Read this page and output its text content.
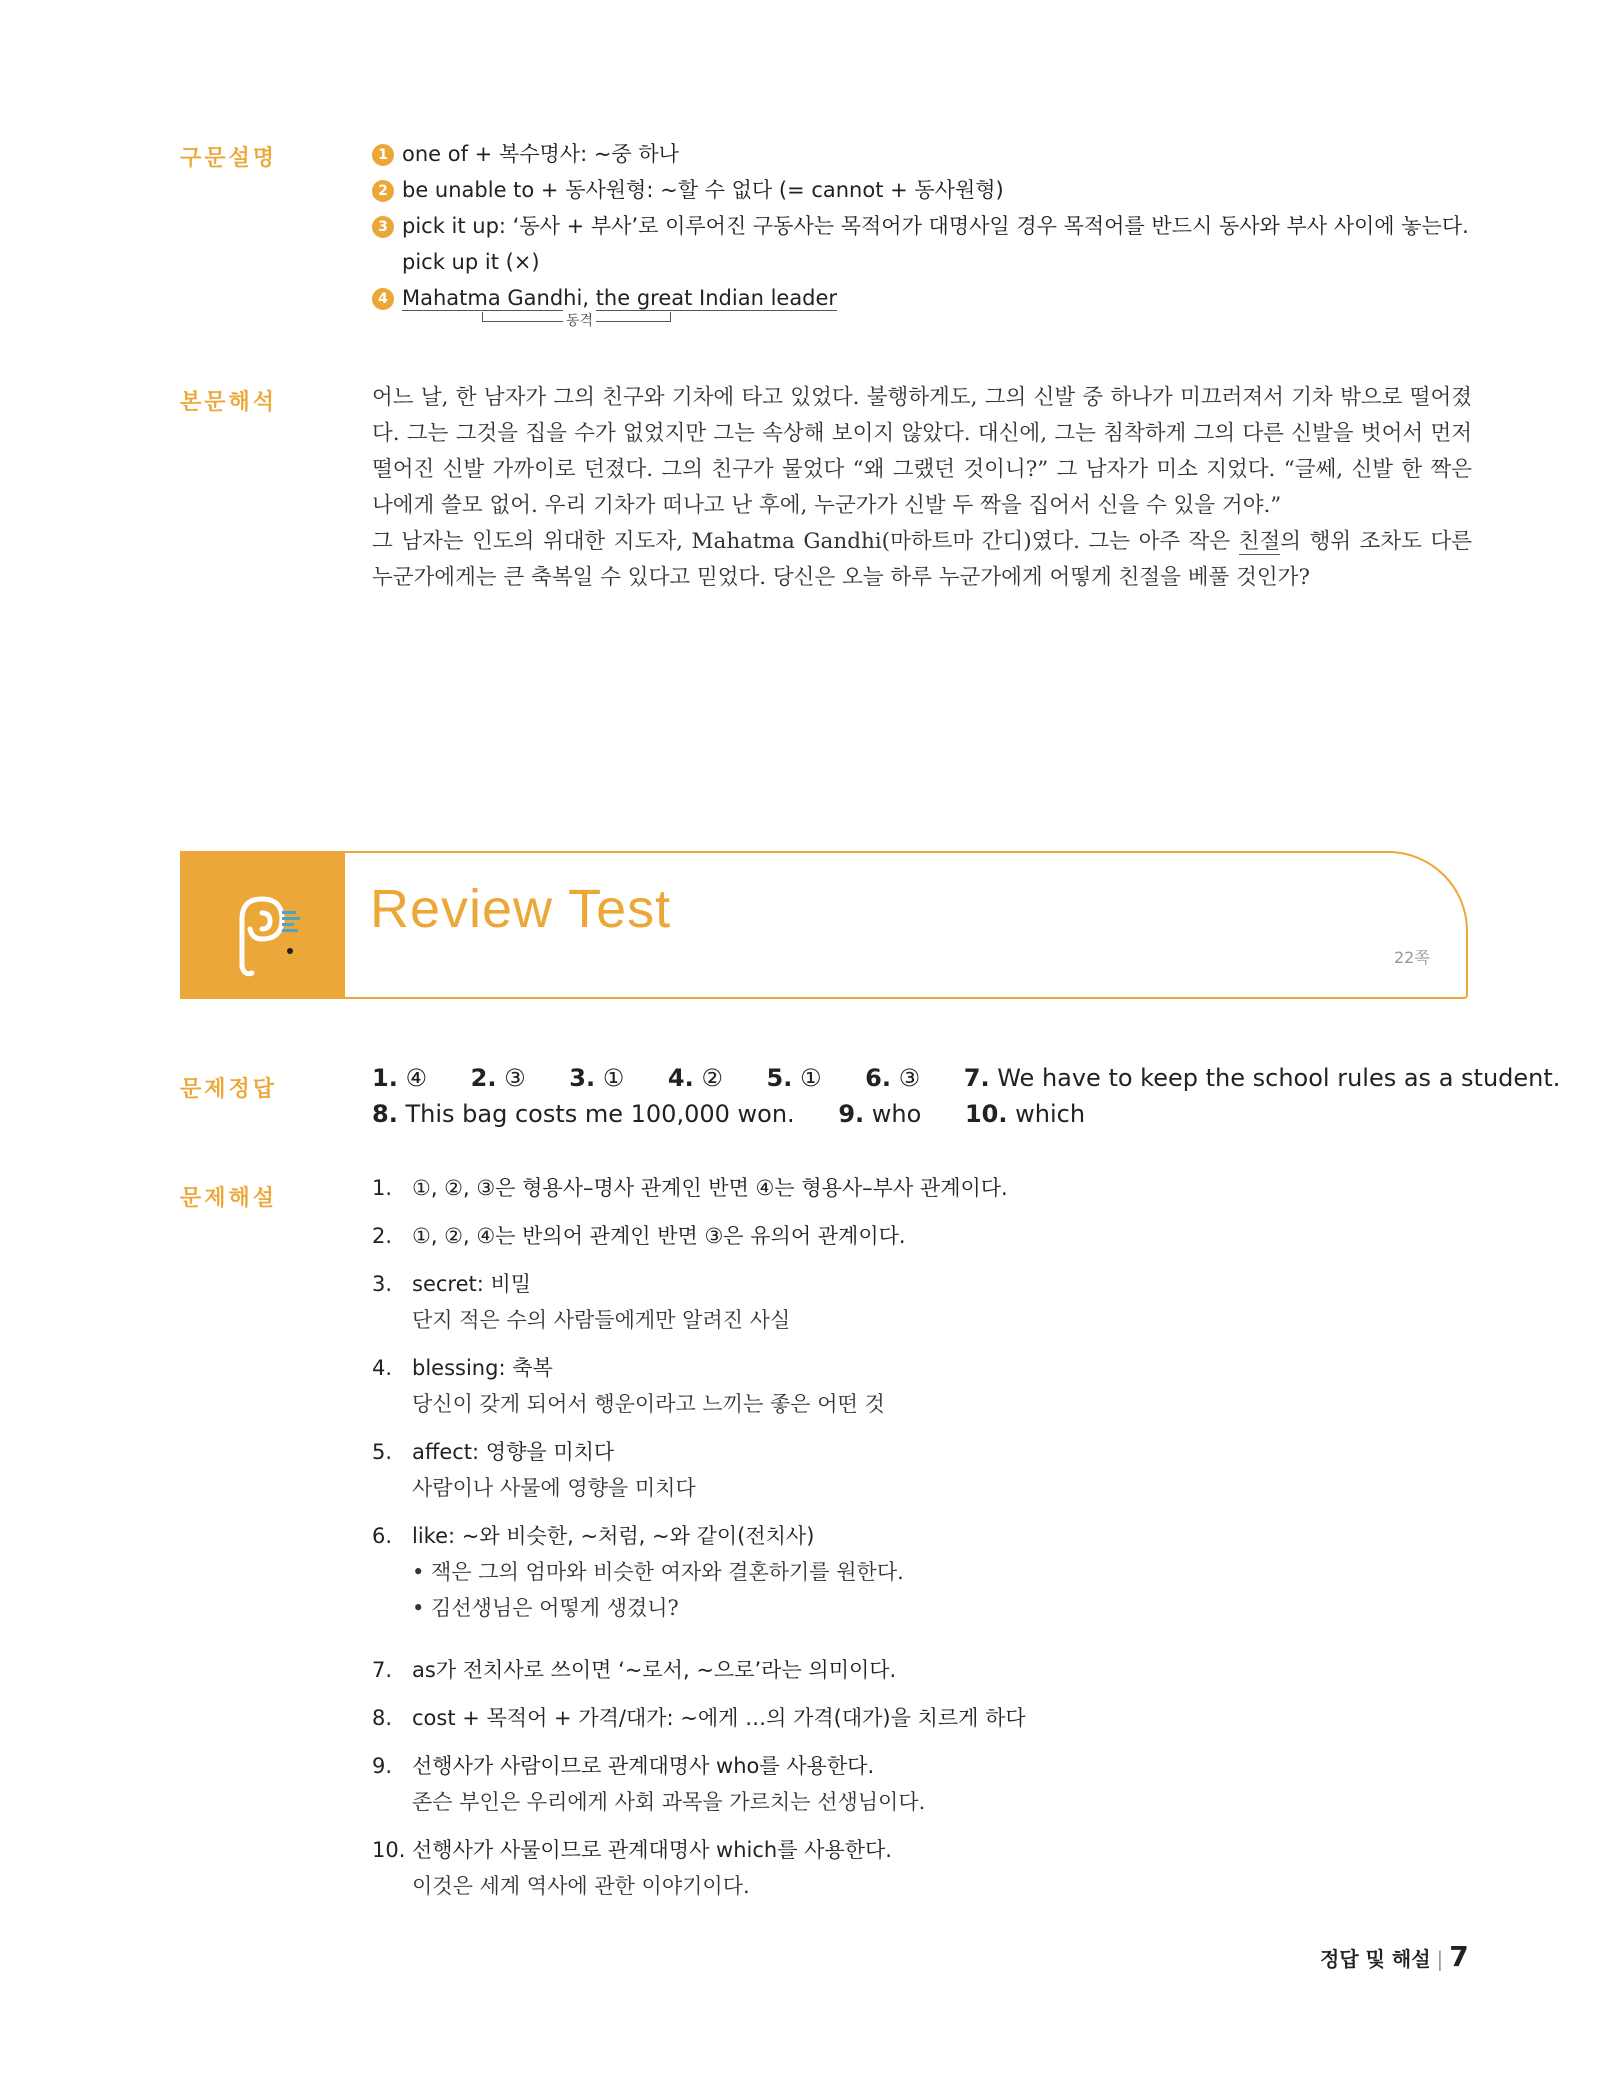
구문설명	1 one of + 복수명사: ~중 하나
2 be unable to + 동사원형: ~할 수 없다 (= cannot + 동사원형)
3 pick it up: ‘동사 + 부사’로 이루어진 구동사는 목적어가 대명사일 경우 목적어를 반드시 동사와 부사 사이에 놓는다.
pick up it (×)
4 Mahatma Gandhi, the great Indian leader
동격
본문해석	어느 날, 한 남자가 그의 친구와 기차에 타고 있었다. 불행하게도, 그의 신발 중 하나가 미끄러져서 기차 밖으로 떨어졌다. 그는 그것을 집을 수가 없었지만 그는 속상해 보이지 않았다. 대신에, 그는 침착하게 그의 다른 신발을 벗어서 먼저 떨어진 신발 가까이로 던졌다. 그의 친구가 물었다 “왜 그랬던 것이니?” 그 남자가 미소 지었다. “글쎄, 신발 한 짝은 나에게 쓸모 없어. 우리 기차가 떠나고 난 후에, 누군가가 신발 두 짝을 집어서 신을 수 있을 거야.”

그 남자는 인도의 위대한 지도자, Mahatma Gandhi(마하트마 간디)였다. 그는 아주 작은 친절의 행위 조차도 다른 누군가에게는 큰 축복일 수 있다고 믿었다. 당신은 오늘 하루 누군가에게 어떻게 친절을 베풀 것인가?

Review Test
22쪽
문제정답	1. ④ 2. ③ 3. ① 4. ② 5. ① 6. ③ 7. We have to keep the school rules as a student.
8. This bag costs me 100,000 won. 9. who 10. which
문제해설	1. ①, ②, ③은 형용사–명사 관계인 반면 ④는 형용사–부사 관계이다.
2. ①, ②, ④는 반의어 관계인 반면 ③은 유의어 관계이다.
3. secret: 비밀
단지 적은 수의 사람들에게만 알려진 사실
4. blessing: 축복
당신이 갖게 되어서 행운이라고 느끼는 좋은 어떤 것
5. affect: 영향을 미치다
사람이나 사물에 영향을 미치다
6. like: ~와 비슷한, ~처럼, ~와 같이(전치사)
• 잭은 그의 엄마와 비슷한 여자와 결혼하기를 원한다.
• 김선생님은 어떻게 생겼니?
7. as가 전치사로 쓰이면 ‘~로서, ~으로’라는 의미이다.
8. cost + 목적어 + 가격/대가: ~에게 …의 가격(대가)을 치르게 하다
9. 선행사가 사람이므로 관계대명사 who를 사용한다.
존슨 부인은 우리에게 사회 과목을 가르치는 선생님이다.
10. 선행사가 사물이므로 관계대명사 which를 사용한다.
이것은 세계 역사에 관한 이야기이다.
정답 및 해설 | 7
